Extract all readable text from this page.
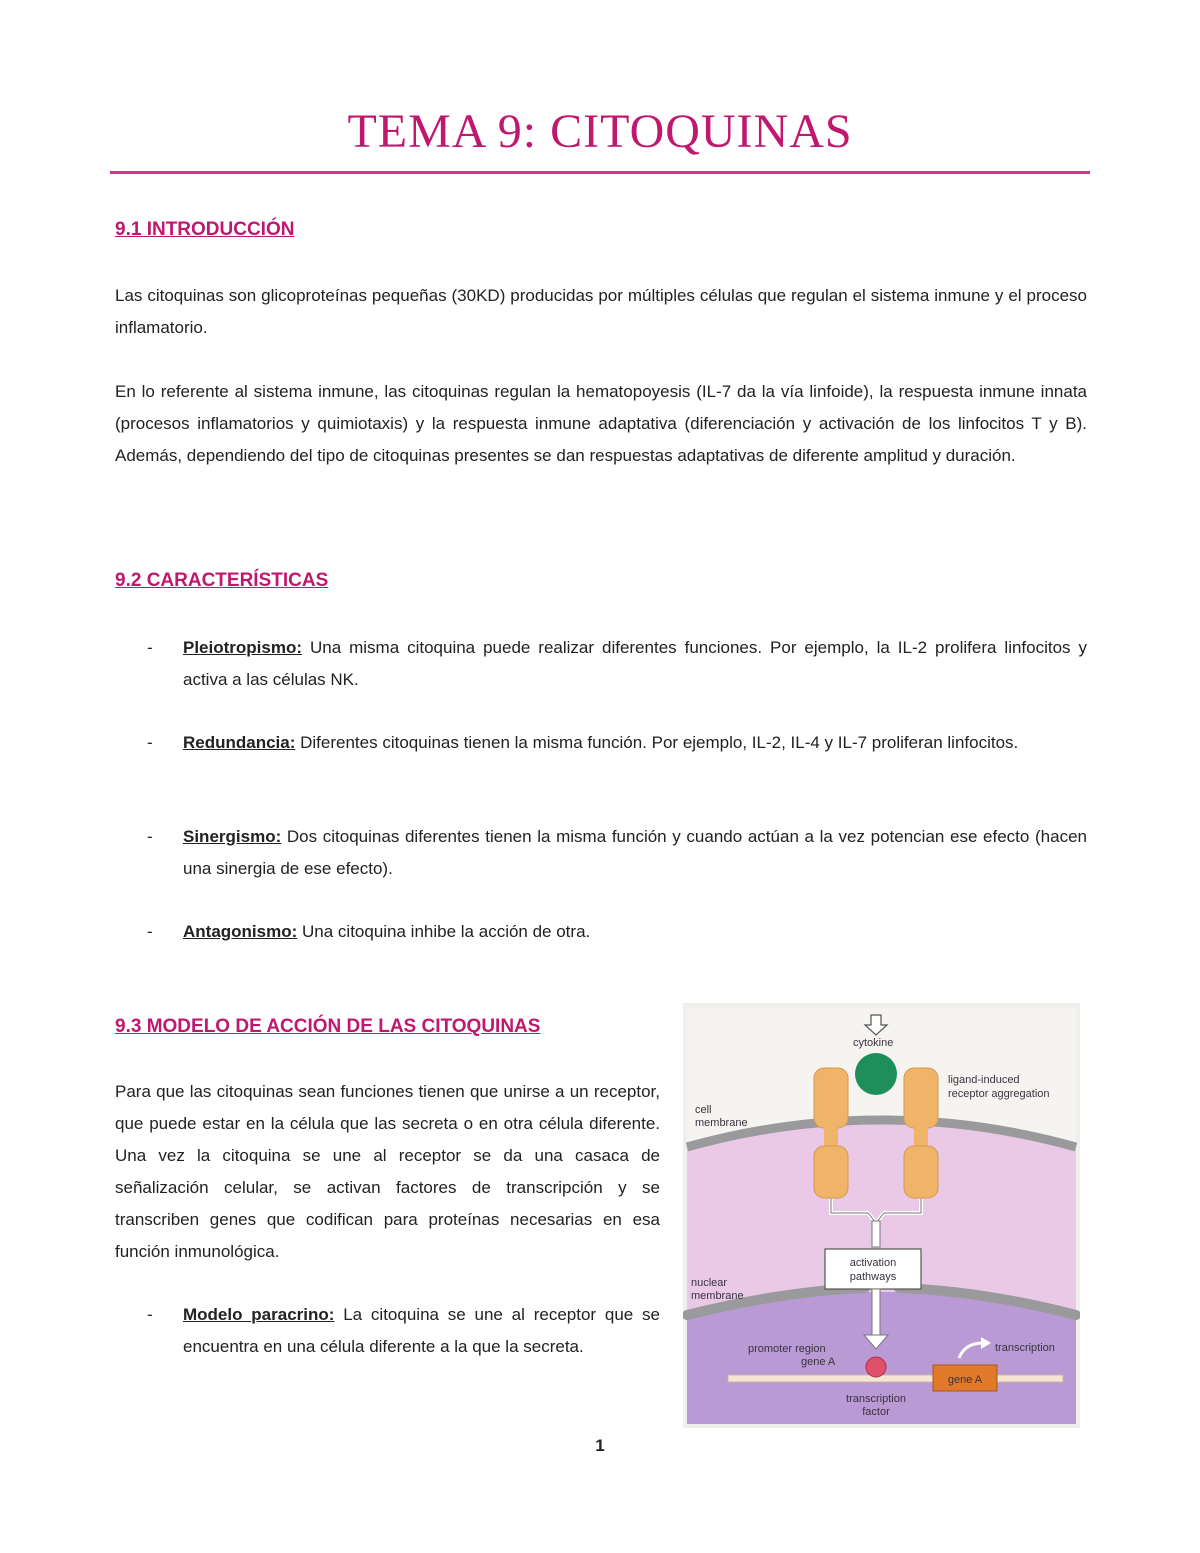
TEMA 9: CITOQUINAS
9.1 INTRODUCCIÓN

Las citoquinas son glicoproteínas pequeñas (30KD) producidas por múltiples células que regulan el sistema inmune y el proceso inflamatorio.

En lo referente al sistema inmune, las citoquinas regulan la hematopoyesis (IL-7 da la vía linfoide), la respuesta inmune innata (procesos inflamatorios y quimiotaxis) y la respuesta inmune adaptativa (diferenciación y activación de los linfocitos T y B). Además, dependiendo del tipo de citoquinas presentes se dan respuestas adaptativas de diferente amplitud y duración.

9.2 CARACTERÍSTICAS
- Pleiotropismo: Una misma citoquina puede realizar diferentes funciones. Por ejemplo, la IL-2 prolifera linfocitos y activa a las células NK.
- Redundancia: Diferentes citoquinas tienen la misma función. Por ejemplo, IL-2, IL-4 y IL-7 proliferan linfocitos.
- Sinergismo: Dos citoquinas diferentes tienen la misma función y cuando actúan a la vez potencian ese efecto (hacen una sinergia de ese efecto).
- Antagonismo: Una citoquina inhibe la acción de otra.
9.3 MODELO DE ACCIÓN DE LAS CITOQUINAS

Para que las citoquinas sean funciones tienen que unirse a un receptor, que puede estar en la célula que las secreta o en otra célula diferente. Una vez la citoquina se une al receptor se da una casaca de señalización celular, se activan factores de transcripción y se transcriben genes que codifican para proteínas necesarias en esa función inmunológica.

- Modelo paracrino: La citoquina se une al receptor que se encuentra en una célula diferente a la que la secreta.
cytokine
ligand-induced
receptor aggregation
cell
membrane
activation
pathways
nuclear
membrane
gene A
promoter region
gene A
transcription
transcription
factor

1
